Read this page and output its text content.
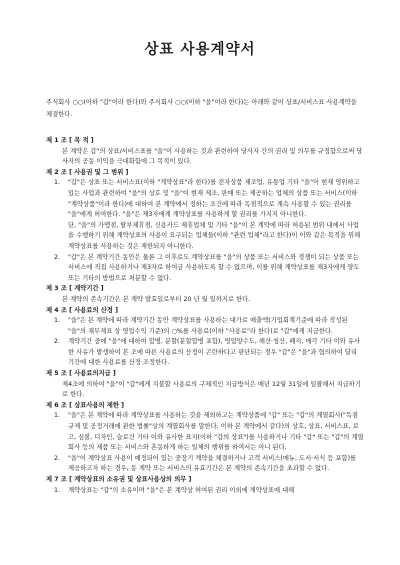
상표 사용계약서
주식회사 ○○(이하 "갑"이라 한다)와 주식회사 ○○(이하 "을"이라 한다)는 아래와 같이 상표/서비스표 사용계약을 체결한다.
제 1 조 [ 목 적 ]
본 계약은 갑"의 상표/서비스표를 "을"이 사용하는 것과 관련하여 당사자 간의 권리 및 의무를 규정함으로써 당사자의 공동 이익을 극대화함에 그 목적이 있다.
제 2 조 [ 사용권 및 그 범위 ]
1.	"갑"은 상표 또는 서비스표(이하 "계약상표"라 한다)를 전자상품 제조업, 유통업 기타 "을"이 현재 영위하고 있는 사업과 관련하여 "을"의 상호 및 "을"이 현재 제조, 판매 또는 제공하는 업체의 상품 또는 서비스(이하 "계약상품"이라 한다)에 대하여 본 계약에서 정하는 조건에 따라 독점적으로 계속 사용할 수 있는 권리를 "을"에게 허여한다. "을"은 제3자에게 계약상표를 사용하게 할 권리를 가지지 아니한다.
단, "을"의 가맹점, 탈부제휴점, 신용카드 제휴업체 및 기타 "을"이 본 계약에 따라 허용된 범위 내에서 사업을 수행하기 위해 계약상표의 사용이 요구되는 업체들(이하 "관련 업체"라고 한다)이 이와 같은 목적을 위해 계약상표를 사용하는 것은 제한되지 아니한다.
2.	"갑"은 본 계약기간 동안은 물론 그 이후로도 계약상표를 "을"의 상품 또는 서비스와 경쟁이 되는 상품 또는 서비스에 직접 사용하거나 제3자로 하여금 사용하도록 할 수 없으며, 이를 위해 계약상표를 제3자에게 양도 또는 기타의 방법으로 처분할 수 없다.
제 3 조 [ 계약기간 ]
본 계약의 존속기간은 본 계약 발효일로부터 20 년 월 일까지로 한다.
제 4 조 [ 사용료의 산정 ]
1.	"을"은 본 계약에 따라 계약기간 동안 계약상표를 사용하는 대가로 매출액(기업회계기준에 따라 작성된 "을"의 재무제표 상 영업수익 기준)의 ○%를 사용료(이하 "사용료"라 한다)로 "갑"에게 지급한다.
2.	계약기간 중에 "을"에 대하여 합병, 분할(분할합병 포함), 영업양수도, 해산·청산, 폐지, 매각 기타 이와 유사한 사유가 발생하여 본 조에 따른 사용료의 산정이 곤란하다고 판단되는 경우 "갑"은 "을"과 협의하여 달리 기간에 대한 사용료를 산정·조정한다.
제 5 조 [ 사용료의지급 ]
제4조에 의하여 "을"이 "갑"에게 지불할 사용료의 구체적인 지급방식은 매년 12월 31일에 일괄해서 지급하기로 한다.
제 6 조 [ 상표사용의 제한 ]
1.	"을"은 본 계약에 따라 계약상표를 사용하는 것을 제외하고는 계약상품에 "갑" 또는 "갑"의 계열회사("독점규제 및 공정거래에 관한 법률"상의 계열회사를 말한다. 이하 본 계약에서 같다)의 상호, 상표, 서비스표, 로고, 심볼, 디자인, 슬로건 기타 이와 유사한 표지(이하 "갑의 상표")를 사용하거나 기타 "갑" 또는 "갑"의 계열회사 등의 제품 또는 서비스와 혼동하게 하는 일체의 행위를 하여서는 아니 된다.
2.	"을"이 계약상표 사용이 예정되어 있는 중장기 계약을 체결하거나 고객 서비스(매뉴, 도서·서식 등 포함)를 제공하고자 하는 경우, 동 계약 또는 서비스의 유효기간은 본 계약의 존속기간을 초과할 수 없다.
제 7 조 [ 계약상표의 소유권 및 상표사용상의 의무 ]
1.	계약상표는 "갑"의 소유이며 "을"은 본 계약상 허여된 권리 이외에 계약상표에 대해
